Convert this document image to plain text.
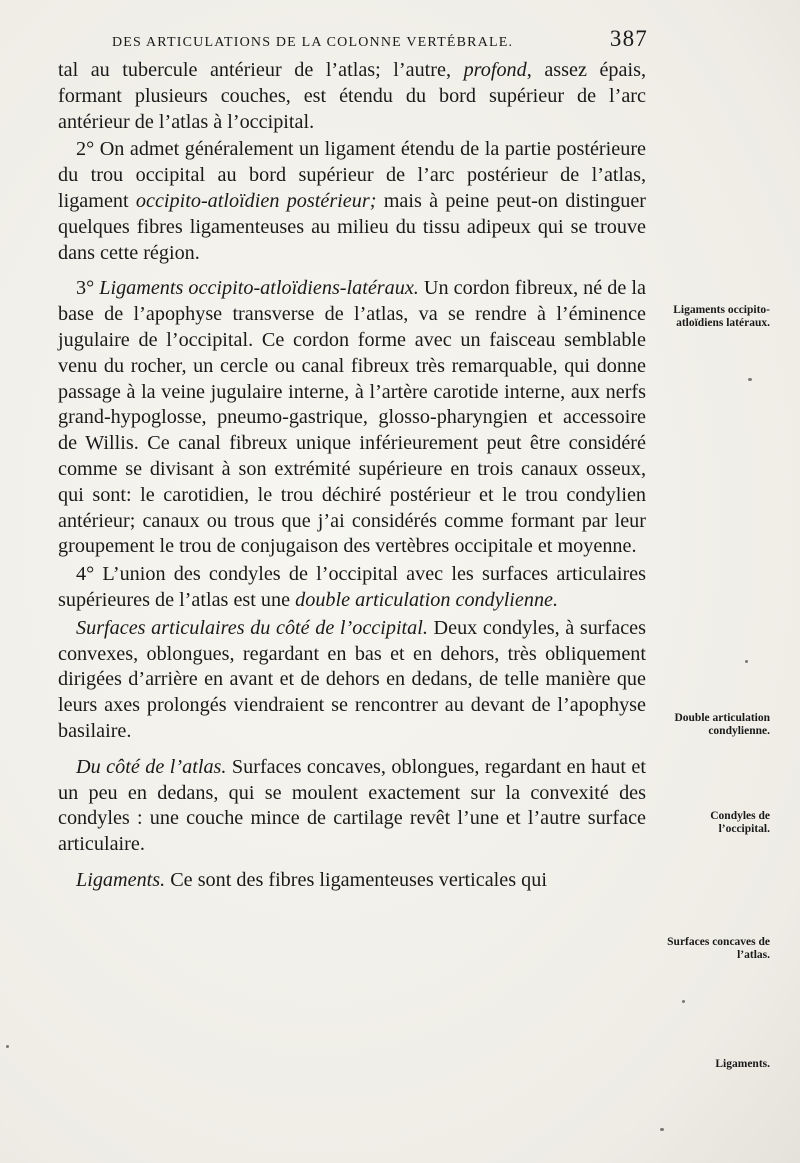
DES ARTICULATIONS DE LA COLONNE VERTÉBRALE.	387

tal au tubercule antérieur de l’atlas; l’autre, profond, assez épais, formant plusieurs couches, est étendu du bord supérieur de l’arc antérieur de l’atlas à l’occipital.

2° On admet généralement un ligament étendu de la partie postérieure du trou occipital au bord supérieur de l’arc postérieur de l’atlas, ligament occipito-atloïdien postérieur; mais à peine peut-on distinguer quelques fibres ligamenteuses au milieu du tissu adipeux qui se trouve dans cette région.

3° Ligaments occipito-atloïdiens-latéraux. Un cordon fibreux, né de la base de l’apophyse transverse de l’atlas, va se rendre à l’éminence jugulaire de l’occipital. Ce cordon forme avec un faisceau semblable venu du rocher, un cercle ou canal fibreux très remarquable, qui donne passage à la veine jugulaire interne, à l’artère carotide interne, aux nerfs grand-hypoglosse, pneumo-gastrique, glosso-pharyngien et accessoire de Willis. Ce canal fibreux unique inférieurement peut être considéré comme se divisant à son extrémité supérieure en trois canaux osseux, qui sont: le carotidien, le trou déchiré postérieur et le trou condylien antérieur; canaux ou trous que j’ai considérés comme formant par leur groupement le trou de conjugaison des vertèbres occipitale et moyenne.

4° L’union des condyles de l’occipital avec les surfaces articulaires supérieures de l’atlas est une double articulation condylienne.

Surfaces articulaires du côté de l’occipital. Deux condyles, à surfaces convexes, oblongues, regardant en bas et en dehors, très obliquement dirigées d’arrière en avant et de dehors en dedans, de telle manière que leurs axes prolongés viendraient se rencontrer au devant de l’apophyse basilaire.

Du côté de l’atlas. Surfaces concaves, oblongues, regardant en haut et un peu en dedans, qui se moulent exactement sur la convexité des condyles : une couche mince de cartilage revêt l’une et l’autre surface articulaire.

Ligaments. Ce sont des fibres ligamenteuses verticales qui

Ligaments occipito-atloïdiens latéraux.
Double articulation condylienne.
Condyles de l’occipital.
Surfaces concaves de l’atlas.
Ligaments.
